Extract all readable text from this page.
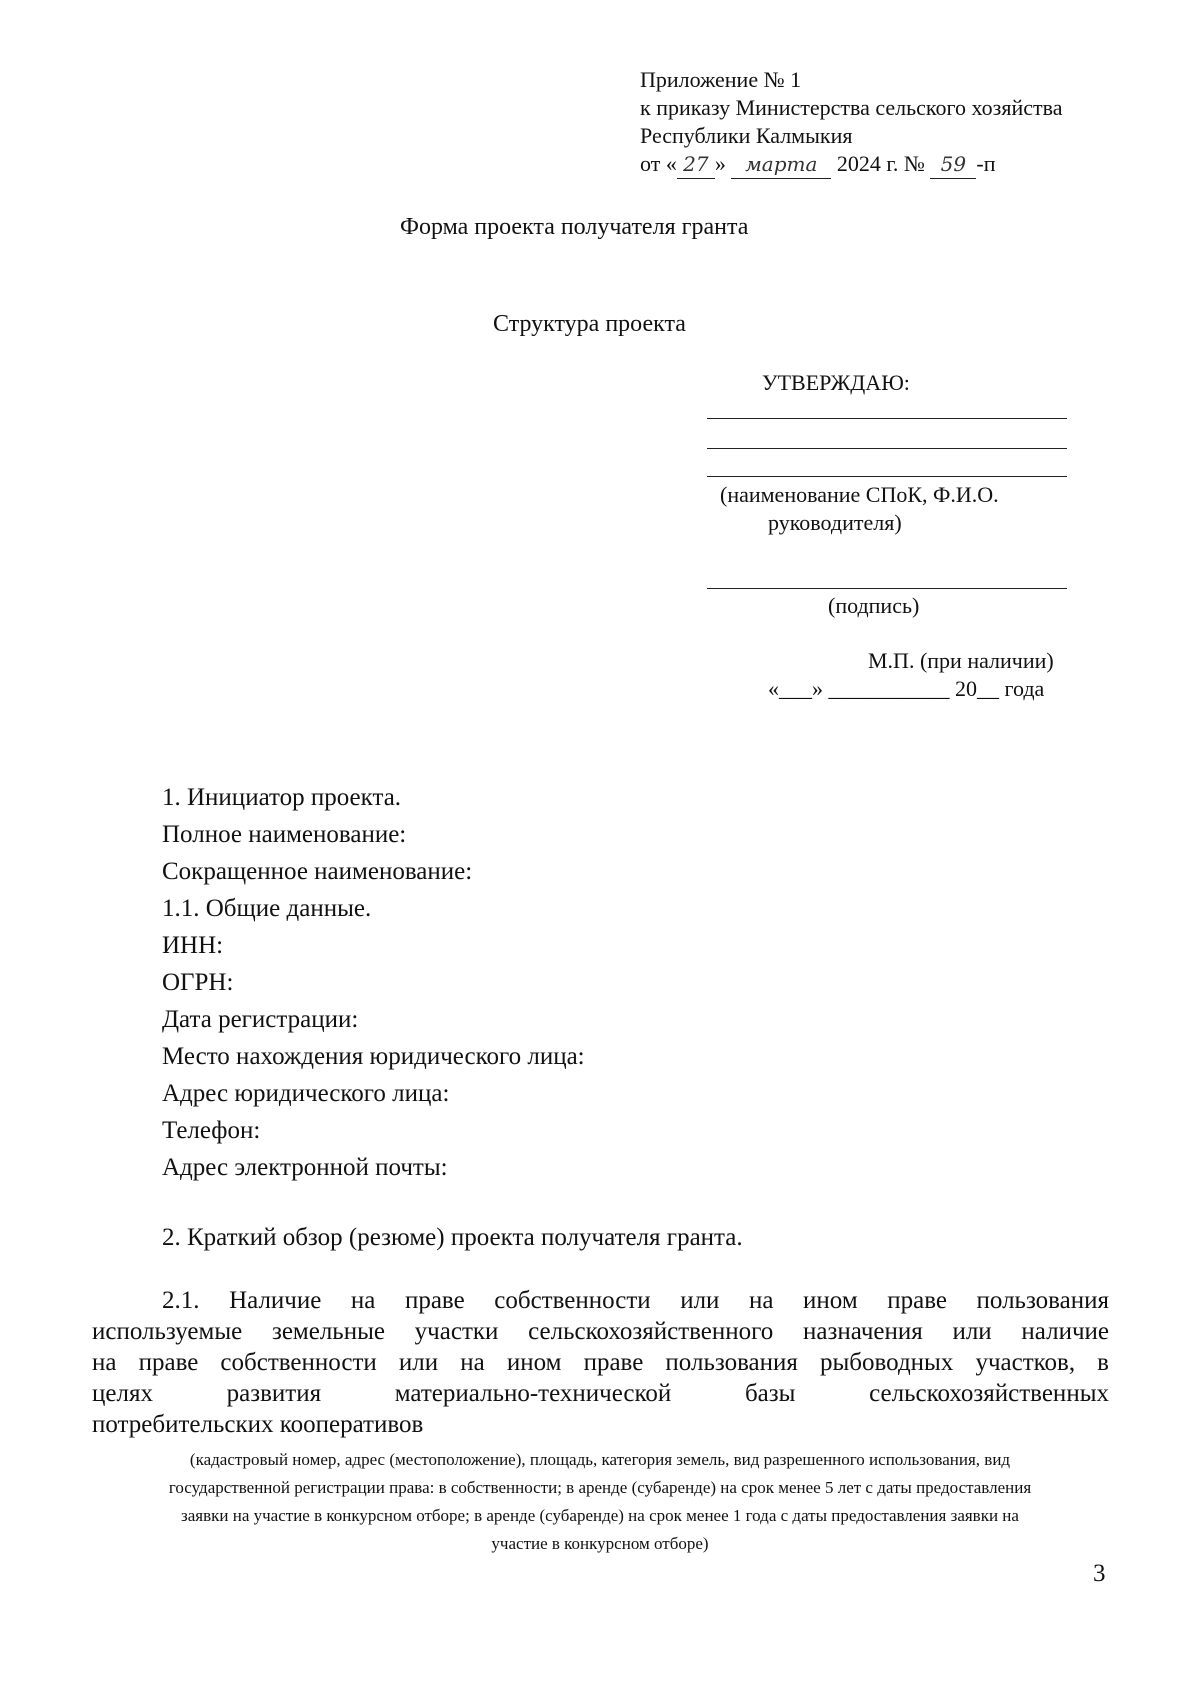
Приложение № 1
к приказу Министерства сельского хозяйства
Республики Калмыкия
от « 27 » марта 2024 г. № 59 -п
Форма проекта получателя гранта
Структура проекта
УТВЕРЖДАЮ:
(наименование СПоК, Ф.И.О.
руководителя)
(подпись)
М.П. (при наличии)
«___» ___________ 20__ года
1. Инициатор проекта.
Полное наименование:
Сокращенное наименование:
1.1. Общие данные.
ИНН:
ОГРН:
Дата регистрации:
Место нахождения юридического лица:
Адрес юридического лица:
Телефон:
Адрес электронной почты:
2. Краткий обзор (резюме) проекта получателя гранта.
2.1. Наличие на праве собственности или на ином праве пользования
используемые земельные участки сельскохозяйственного назначения или наличие
на праве собственности или на ином праве пользования рыбоводных участков, в
целях развития материально-технической базы сельскохозяйственных
потребительских кооперативов
(кадастровый номер, адрес (местоположение), площадь, категория земель, вид разрешенного использования, вид
государственной регистрации права: в собственности; в аренде (субаренде) на срок менее 5 лет с даты предоставления
заявки на участие в конкурсном отборе; в аренде (субаренде) на срок менее 1 года с даты предоставления заявки на
участие в конкурсном отборе)
3
